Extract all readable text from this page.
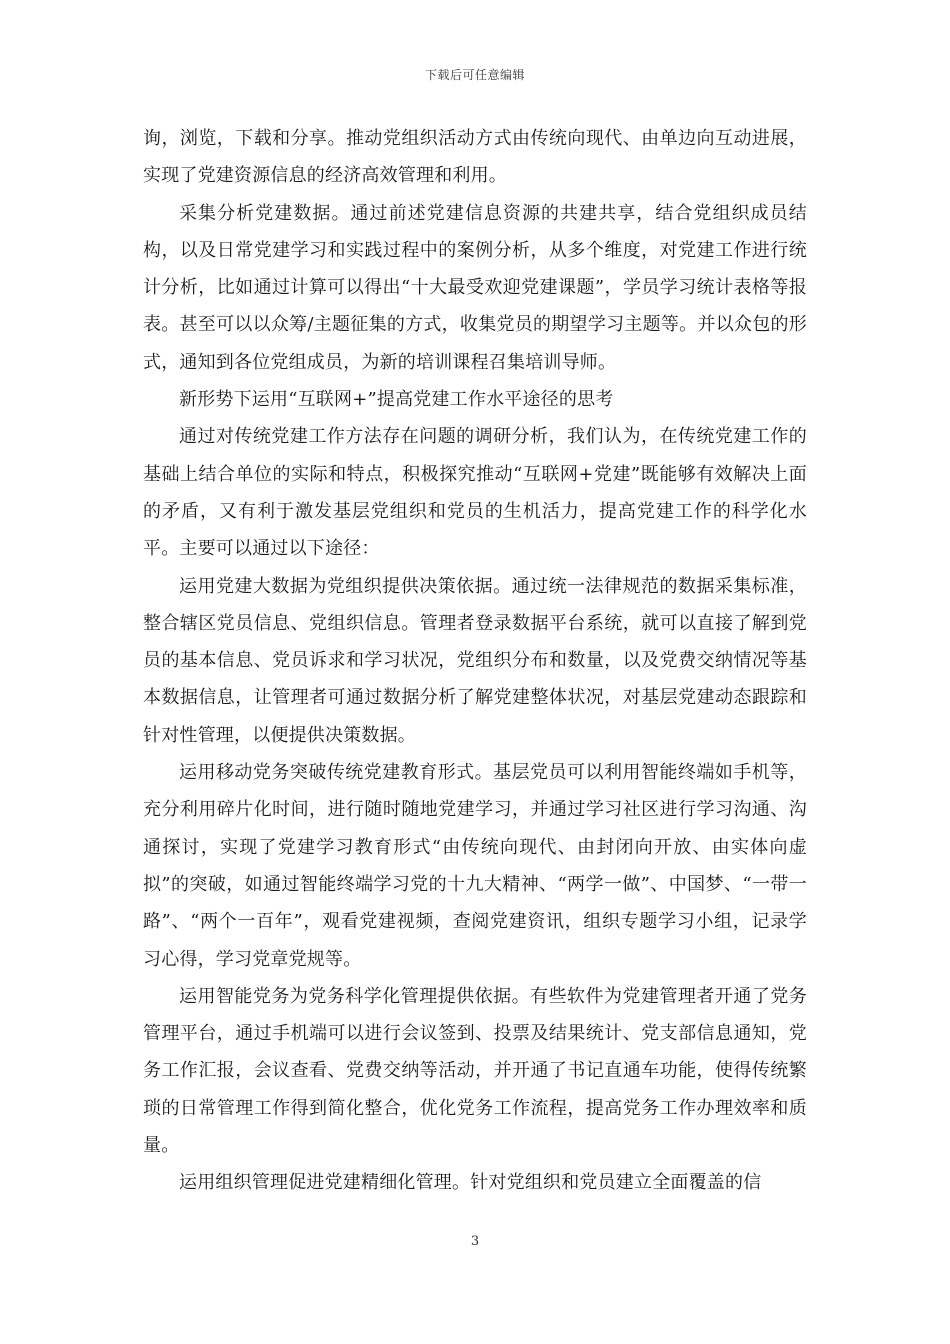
下载后可任意编辑

询，浏览，下载和分享。推动党组织活动方式由传统向现代、由单边向互动进展，实现了党建资源信息的经济高效管理和利用。

采集分析党建数据。通过前述党建信息资源的共建共享，结合党组织成员结构，以及日常党建学习和实践过程中的案例分析，从多个维度，对党建工作进行统计分析，比如通过计算可以得出“十大最受欢迎党建课题”，学员学习统计表格等报表。甚至可以以众筹/主题征集的方式，收集党员的期望学习主题等。并以众包的形式，通知到各位党组成员，为新的培训课程召集培训导师。

新形势下运用“互联网+”提高党建工作水平途径的思考

通过对传统党建工作方法存在问题的调研分析，我们认为，在传统党建工作的基础上结合单位的实际和特点，积极探究推动“互联网+党建”既能够有效解决上面的矛盾，又有利于激发基层党组织和党员的生机活力，提高党建工作的科学化水平。主要可以通过以下途径：

运用党建大数据为党组织提供决策依据。通过统一法律规范的数据采集标准，整合辖区党员信息、党组织信息。管理者登录数据平台系统，就可以直接了解到党员的基本信息、党员诉求和学习状况，党组织分布和数量，以及党费交纳情况等基本数据信息，让管理者可通过数据分析了解党建整体状况，对基层党建动态跟踪和针对性管理，以便提供决策数据。

运用移动党务突破传统党建教育形式。基层党员可以利用智能终端如手机等，充分利用碎片化时间，进行随时随地党建学习，并通过学习社区进行学习沟通、沟通探讨，实现了党建学习教育形式“由传统向现代、由封闭向开放、由实体向虚拟”的突破，如通过智能终端学习党的十九大精神、“两学一做”、中国梦、“一带一路”、“两个一百年”，观看党建视频，查阅党建资讯，组织专题学习小组，记录学习心得，学习党章党规等。

运用智能党务为党务科学化管理提供依据。有些软件为党建管理者开通了党务管理平台，通过手机端可以进行会议签到、投票及结果统计、党支部信息通知，党务工作汇报，会议查看、党费交纳等活动，并开通了书记直通车功能，使得传统繁琐的日常管理工作得到简化整合，优化党务工作流程，提高党务工作办理效率和质量。

运用组织管理促进党建精细化管理。针对党组织和党员建立全面覆盖的信

3
